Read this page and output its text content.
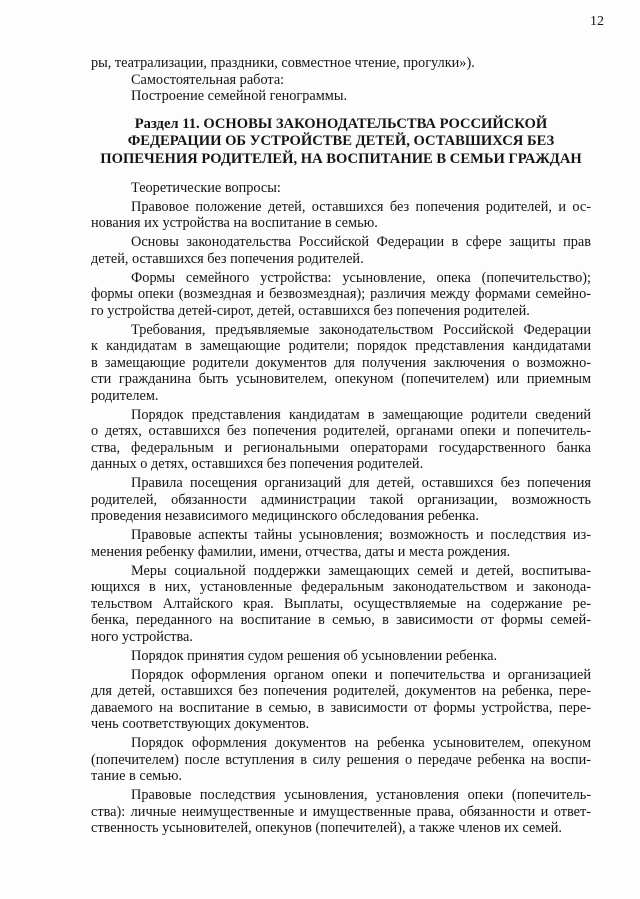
12
ры, театрализации, праздники, совместное чтение, прогулки»).
Самостоятельная работа:
Построение семейной генограммы.
Раздел 11. ОСНОВЫ ЗАКОНОДАТЕЛЬСТВА РОССИЙСКОЙ
ФЕДЕРАЦИИ ОБ УСТРОЙСТВЕ ДЕТЕЙ, ОСТАВШИХСЯ БЕЗ
ПОПЕЧЕНИЯ РОДИТЕЛЕЙ, НА ВОСПИТАНИЕ В СЕМЬИ ГРАЖДАН
Теоретические вопросы:
Правовое положение детей, оставшихся без попечения родителей, и ос-
нования их устройства на воспитание в семью.
Основы законодательства Российской Федерации в сфере защиты прав
детей, оставшихся без попечения родителей.
Формы семейного устройства: усыновление, опека (попечительство);
формы опеки (возмездная и безвозмездная); различия между формами семейно-
го устройства детей-сирот, детей, оставшихся без попечения родителей.
Требования, предъявляемые законодательством Российской Федерации
к кандидатам в замещающие родители; порядок представления кандидатами
в замещающие родители документов для получения заключения о возможно-
сти гражданина быть усыновителем, опекуном (попечителем) или приемным
родителем.
Порядок представления кандидатам в замещающие родители сведений
о детях, оставшихся без попечения родителей, органами опеки и попечитель-
ства, федеральным и региональными операторами государственного банка
данных о детях, оставшихся без попечения родителей.
Правила посещения организаций для детей, оставшихся без попечения
родителей, обязанности администрации такой организации, возможность
проведения независимого медицинского обследования ребенка.
Правовые аспекты тайны усыновления; возможность и последствия из-
менения ребенку фамилии, имени, отчества, даты и места рождения.
Меры социальной поддержки замещающих семей и детей, воспитыва-
ющихся в них, установленные федеральным законодательством и законода-
тельством Алтайского края. Выплаты, осуществляемые на содержание ре-
бенка, переданного на воспитание в семью, в зависимости от формы семей-
ного устройства.
Порядок принятия судом решения об усыновлении ребенка.
Порядок оформления органом опеки и попечительства и организацией
для детей, оставшихся без попечения родителей, документов на ребенка, пере-
даваемого на воспитание в семью, в зависимости от формы устройства, пере-
чень соответствующих документов.
Порядок оформления документов на ребенка усыновителем, опекуном
(попечителем) после вступления в силу решения о передаче ребенка на воспи-
тание в семью.
Правовые последствия усыновления, установления опеки (попечитель-
ства): личные неимущественные и имущественные права, обязанности и ответ-
ственность усыновителей, опекунов (попечителей), а также членов их семей.
